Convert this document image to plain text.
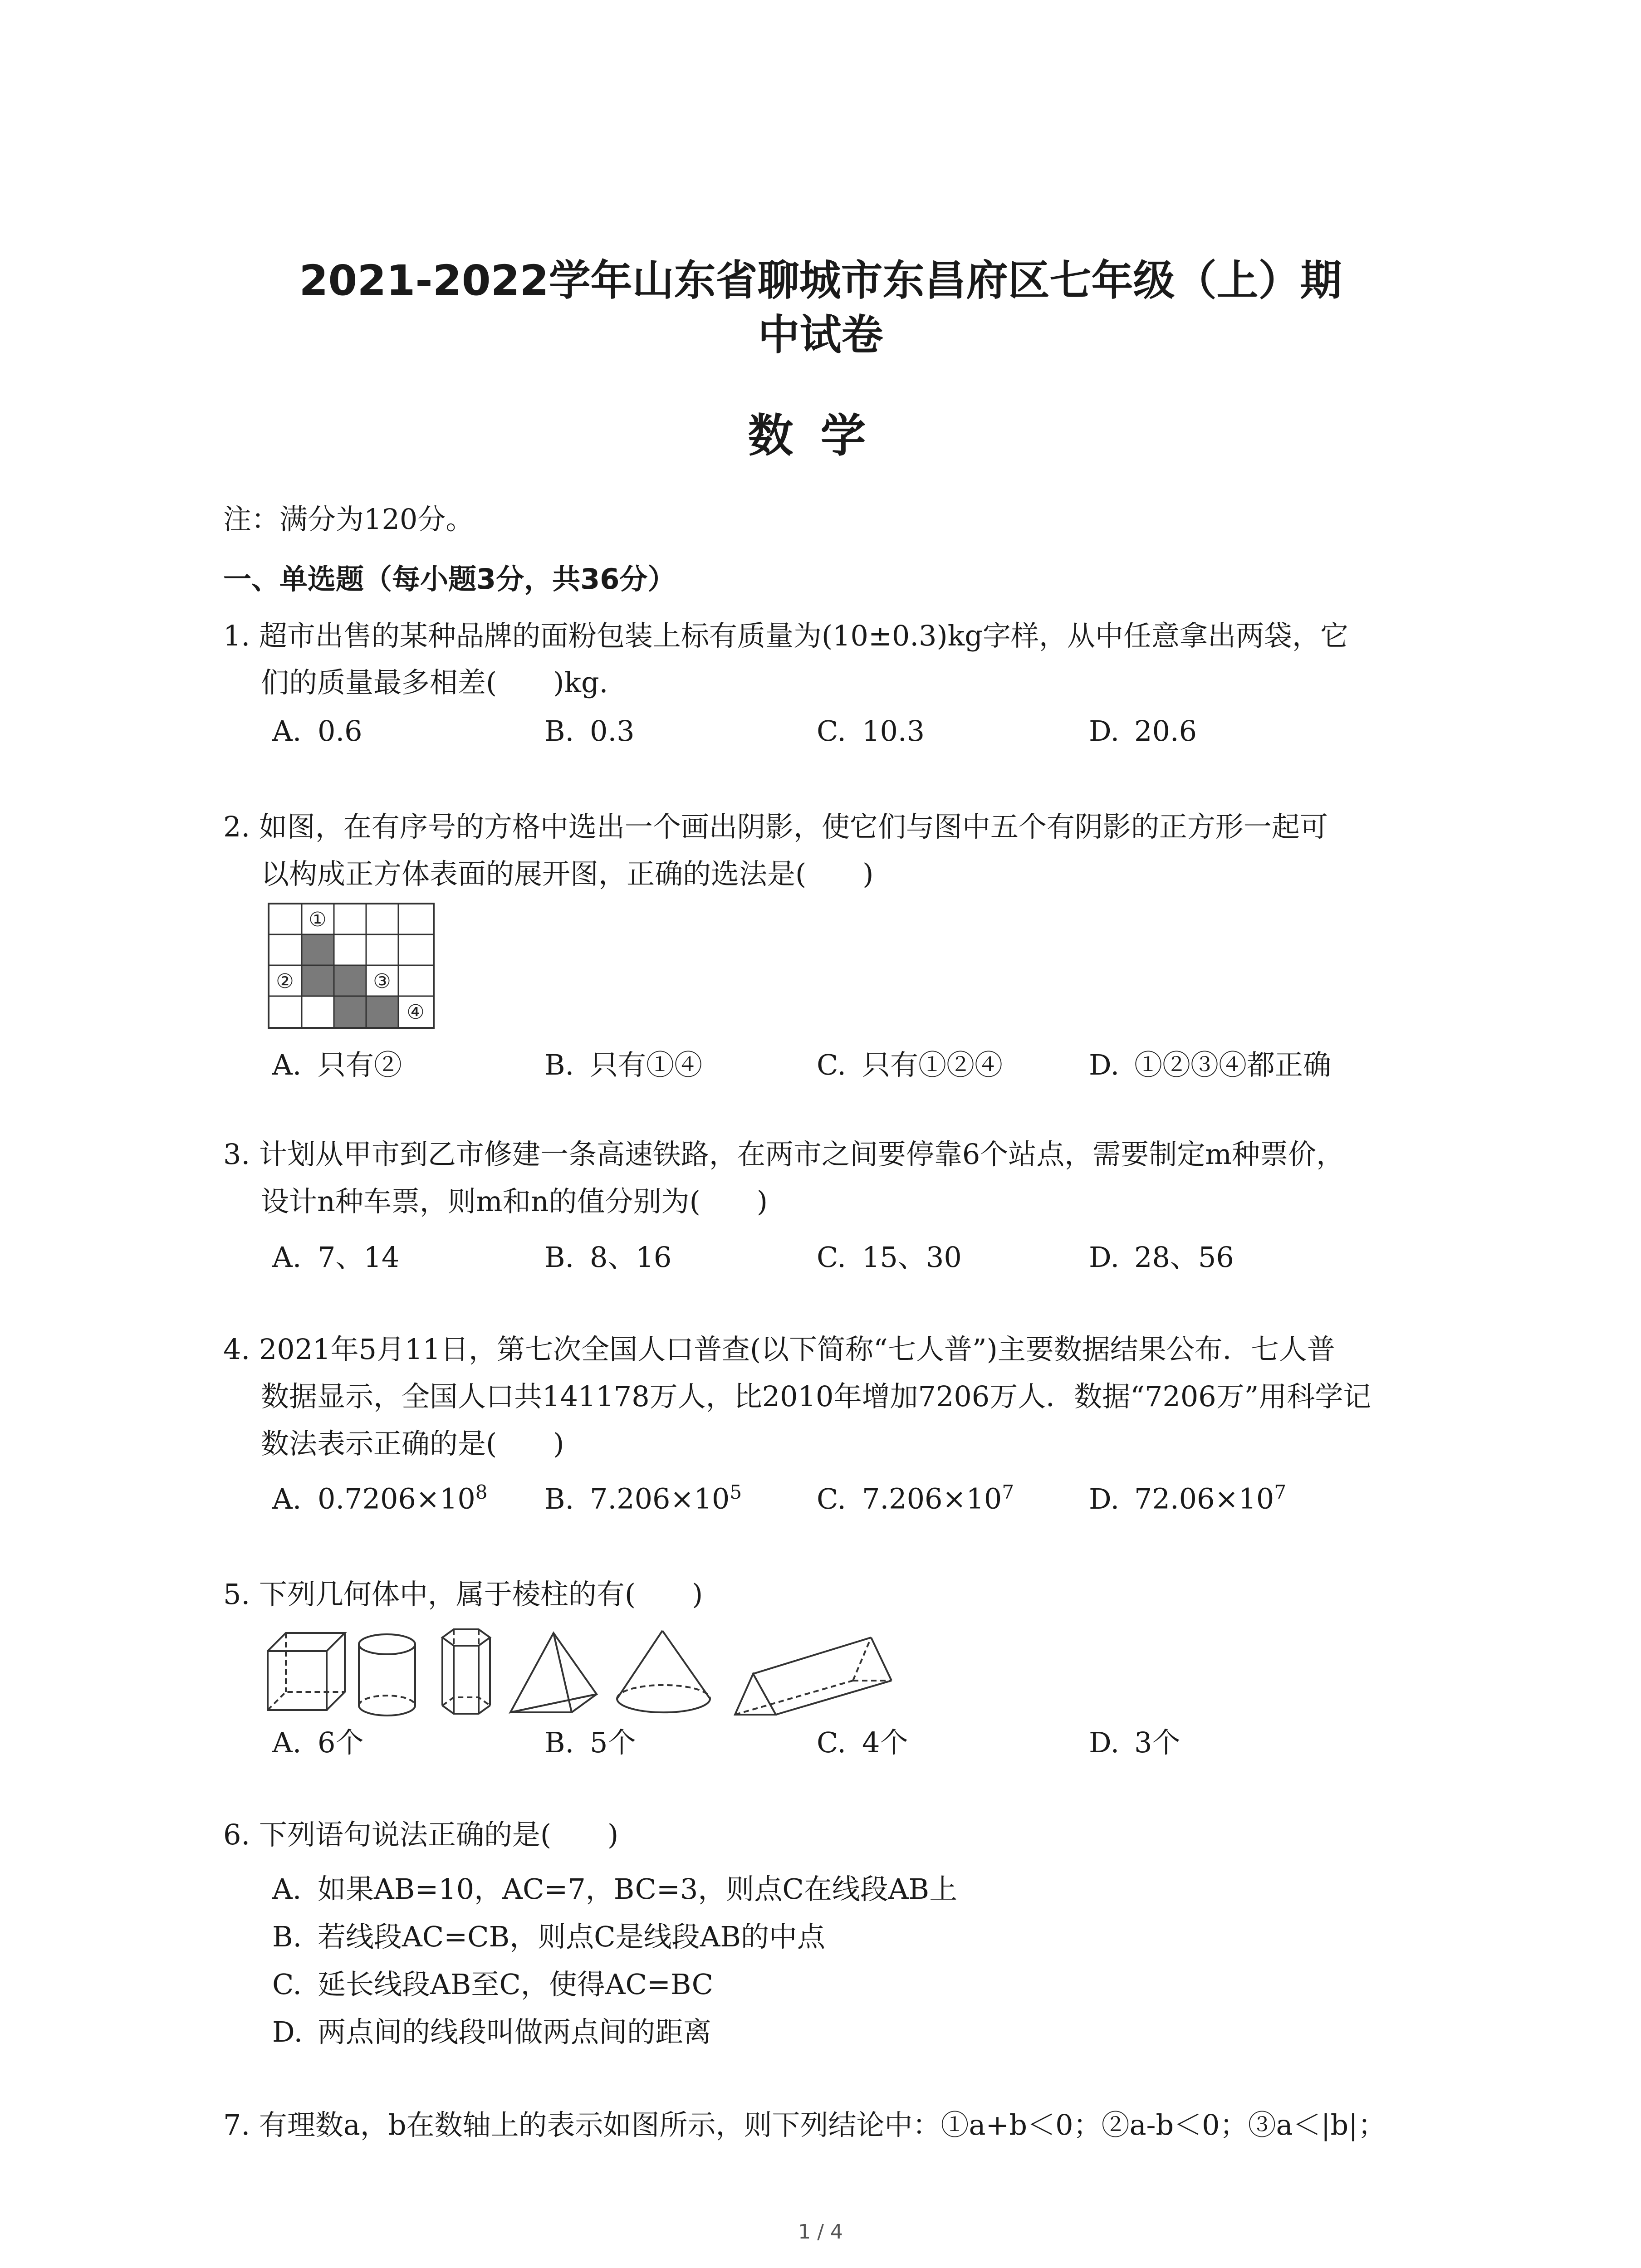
2021-2022学年山东省聊城市东昌府区七年级（上）期
中试卷
数学
注：满分为120分。
一、单选题（每小题3分，共36分）
1. 超市出售的某种品牌的面粉包装上标有质量为(10±0.3)kg字样，从中任意拿出两袋，它
们的质量最多相差(　　)kg.
A. 0.6	B. 0.3	C. 10.3	D. 20.6
2. 如图，在有序号的方格中选出一个画出阴影，使它们与图中五个有阴影的正方形一起可
以构成正方体表面的展开图，正确的选法是(　　)
①
②	③
④
A. 只有②	B. 只有①④	C. 只有①②④	D. ①②③④都正确
3. 计划从甲市到乙市修建一条高速铁路，在两市之间要停靠6个站点，需要制定m种票价，
设计n种车票，则m和n的值分别为(　　)
A. 7、14	B. 8、16	C. 15、30	D. 28、56
4. 2021年5月11日，第七次全国人口普查(以下简称“七人普”)主要数据结果公布．七人普
数据显示，全国人口共141178万人，比2010年增加7206万人．数据“7206万”用科学记
数法表示正确的是(　　)
A. $0.7206\times 10^8$ B. $7.206\times 10^5$	C. $7.206\times 10^7$	D. $72.06\times 10^7$
5. 下列几何体中，属于棱柱的有(　　)
A. 6个	B. 5个	C. 4个	D. 3个
6. 下列语句说法正确的是(　　)
A. 如果AB=10，AC=7，BC=3，则点C在线段AB上
B. 若线段AC=CB，则点C是线段AB的中点
C. 延长线段AB至C，使得AC=BC
D. 两点间的线段叫做两点间的距离
7. 有理数a，b在数轴上的表示如图所示，则下列结论中：①a+b＜0；②a-b＜0；③a＜|b|；
1 / 4
